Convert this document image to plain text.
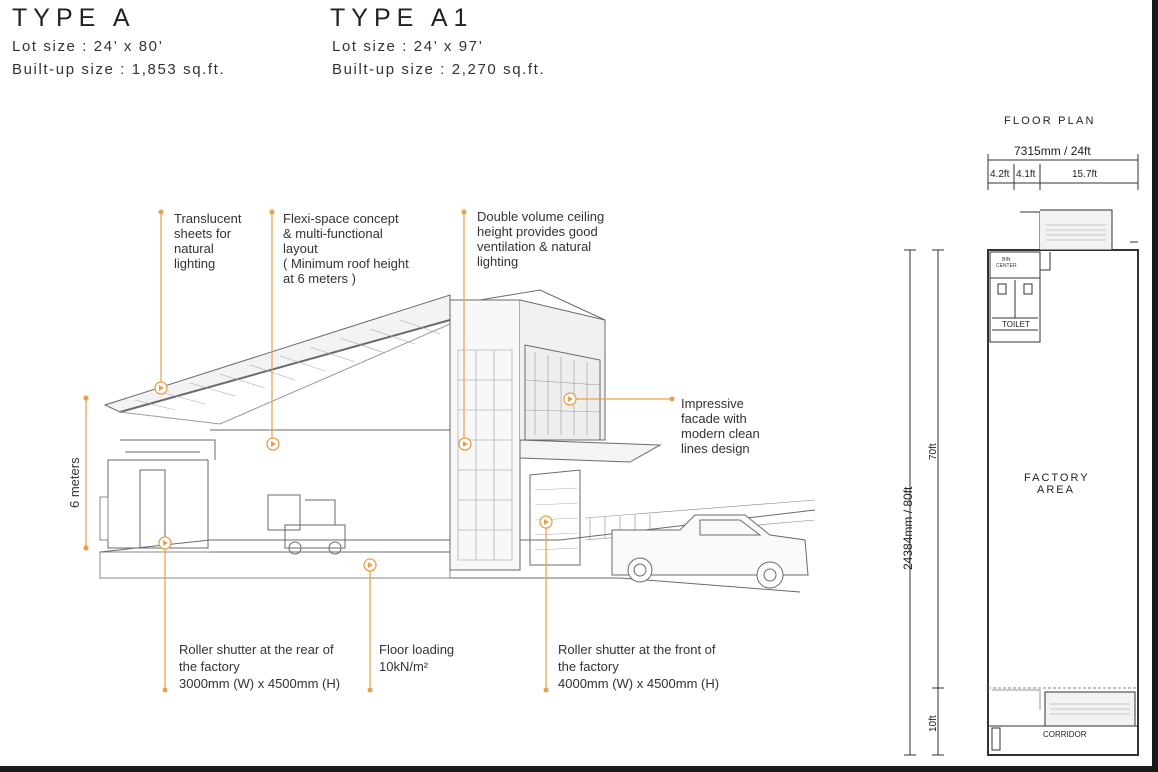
TYPE A
Lot size : 24’ x 80’
Built-up size : 1,853 sq.ft.
TYPE A1
Lot size : 24’ x 97’
Built-up size : 2,270 sq.ft.
6 meters
Translucent
sheets for
natural
lighting
Flexi-space concept
& multi-functional
layout
( Minimum roof height
at 6 meters )
Double volume ceiling
height provides good
ventilation & natural
lighting
Impressive
facade with
modern clean
lines design
Roller shutter at the rear of
the factory
3000mm (W) x 4500mm (H)
Floor loading
10kN/m²
Roller shutter at the front of
the factory
4000mm (W) x 4500mm (H)
FLOOR PLAN
7315mm / 24ft
4.2ft 4.1ft	15.7ft
24384mm / 80ft
70ft
10ft
BIN
CENTER
TOILET
FACTORY
AREA
CORRIDOR
